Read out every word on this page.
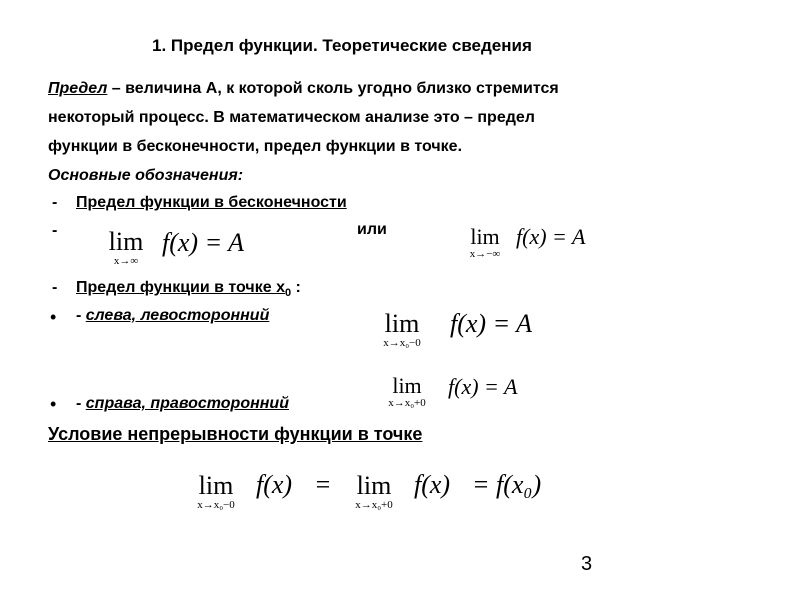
1. Предел функции. Теоретические сведения
Предел – величина А, к которой сколь угодно близко стремится
некоторый процесс. В математическом анализе это – предел
функции в бесконечности, предел функции в точке.
Основные обозначения:
- Предел функции в бесконечности
- lim
x→∞
f(x) = A	или	lim
x→−∞
f(x) = A
- Предел функции в точке $x_0$ :
• - слева, левосторонний	lim
x→x₀−0
f(x) = A
• - справа, правосторонний
lim
x→x₀+0
f(x) = A
Условие непрерывности функции в точке
lim
x→x₀−0
f(x) = lim
x→x₀+0
f(x) = f(x₀)
3
